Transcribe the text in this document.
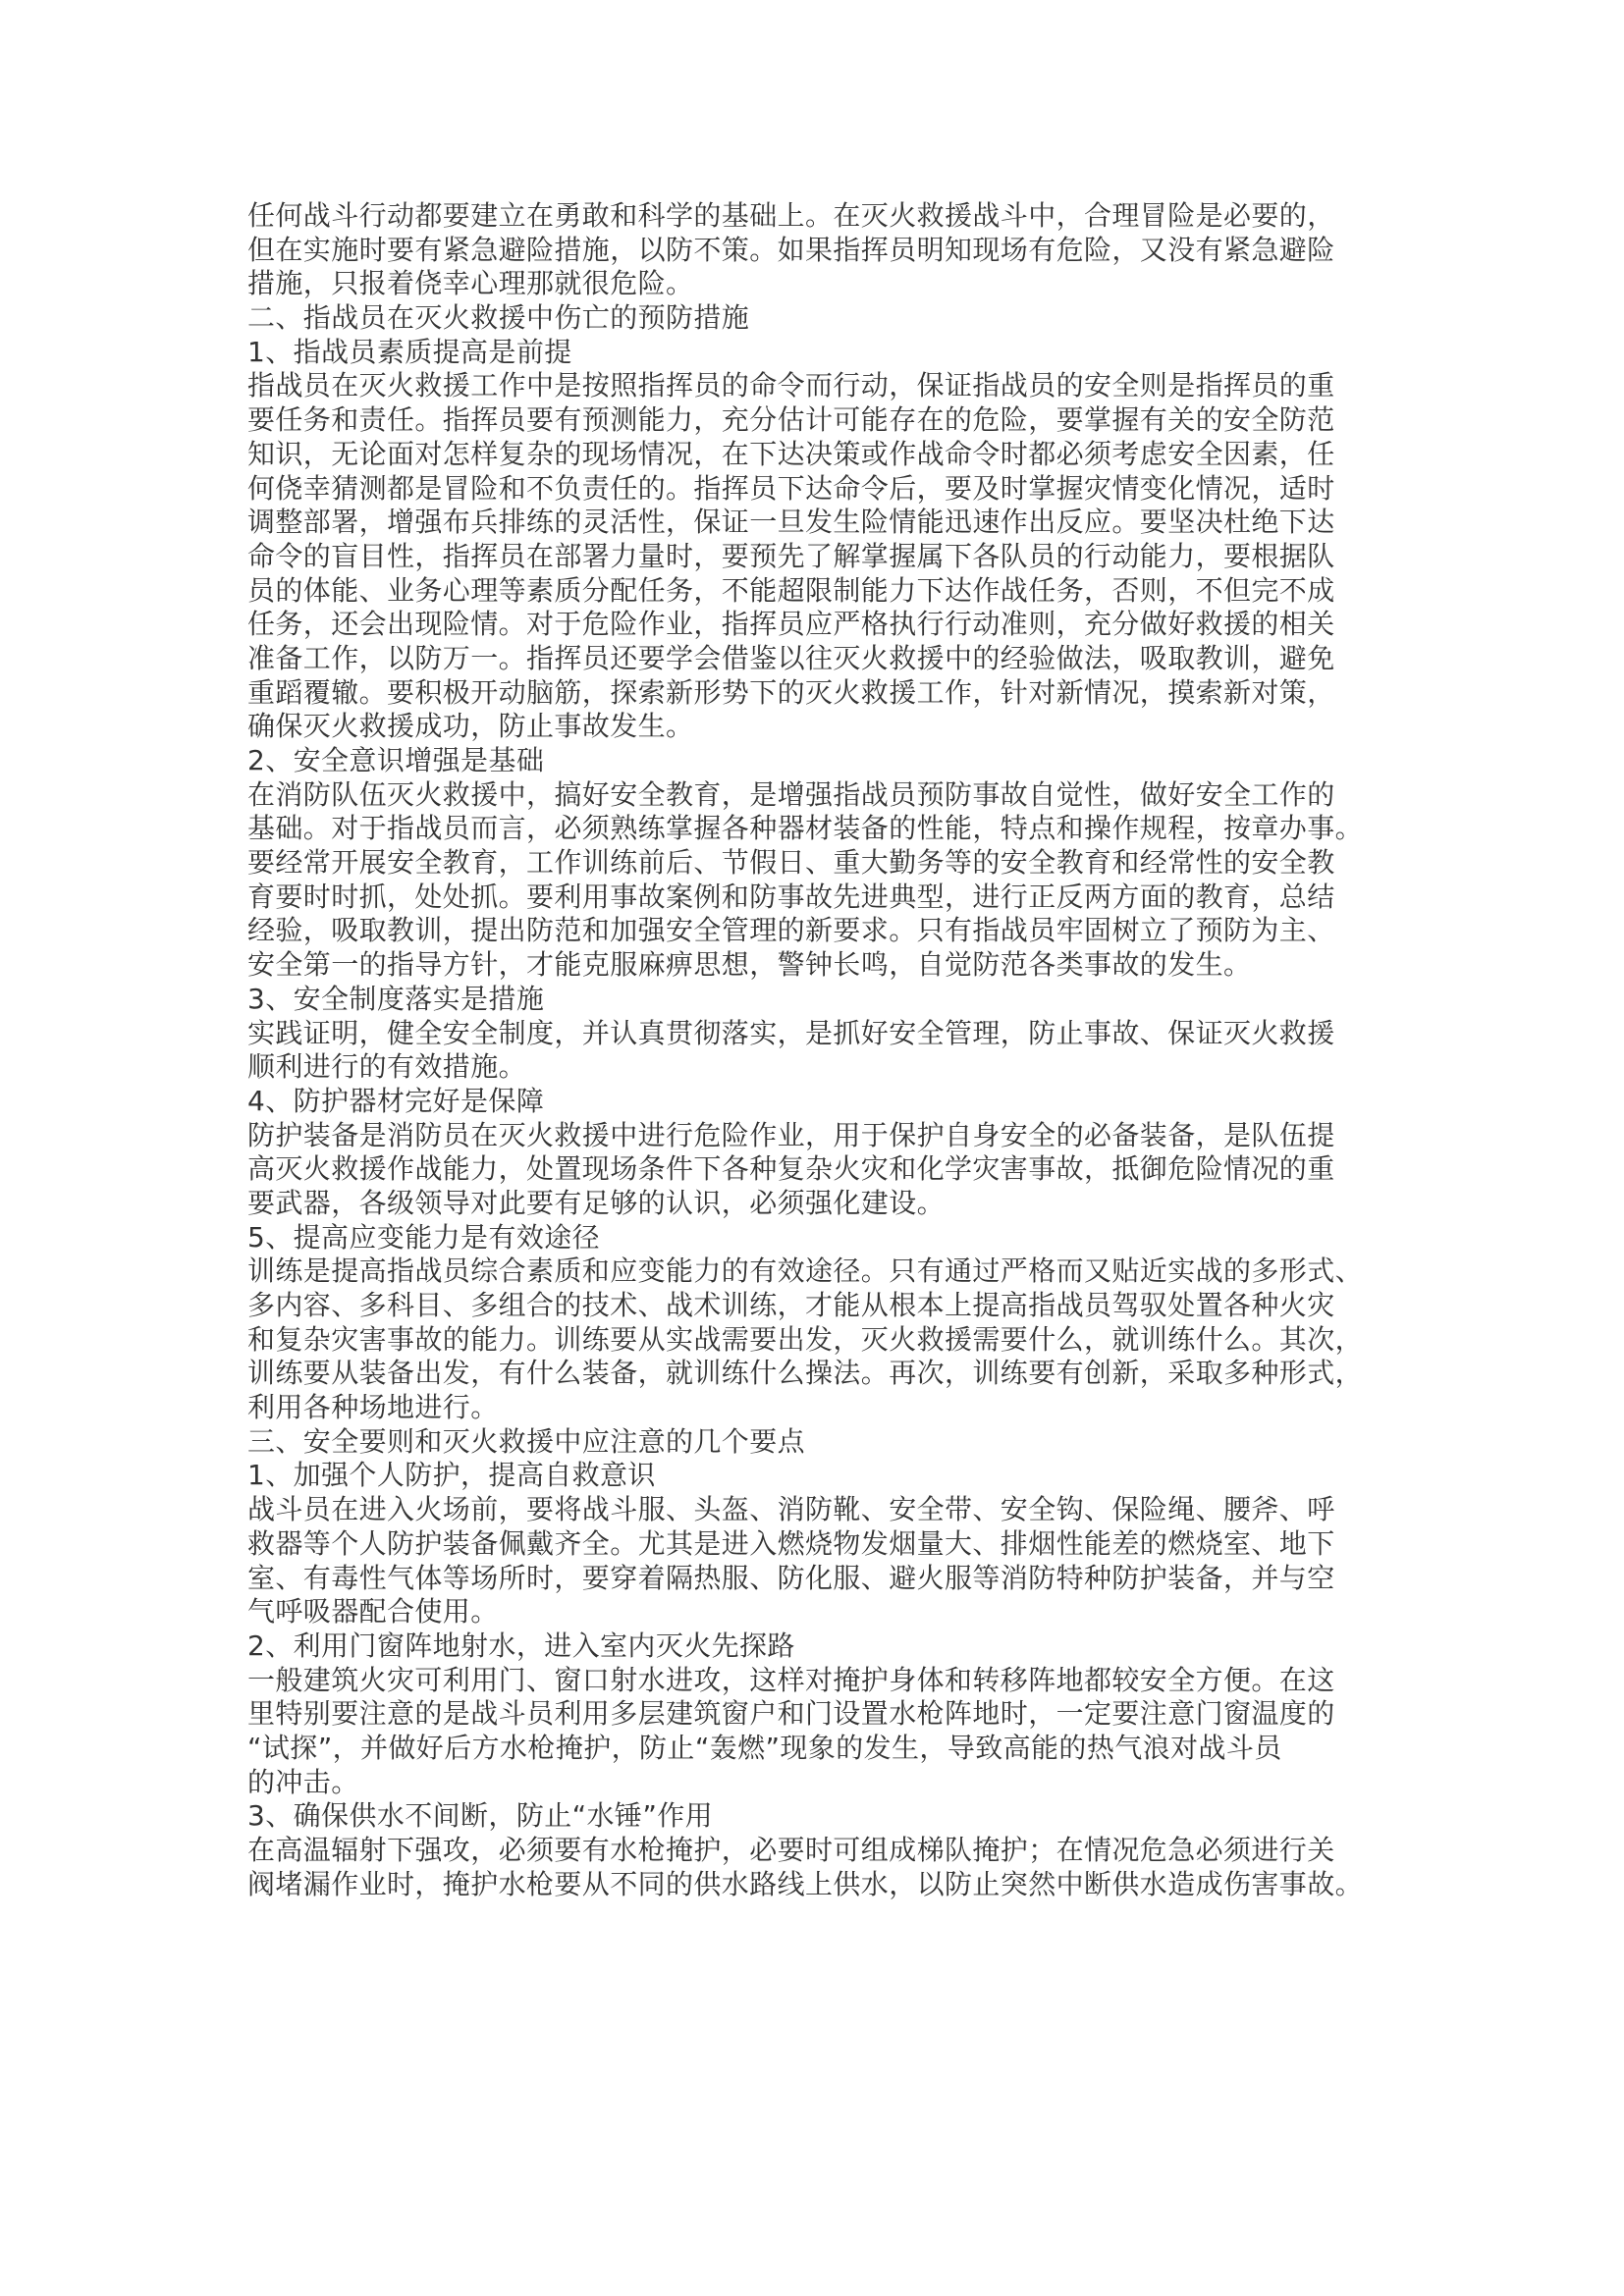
任何战斗行动都要建立在勇敢和科学的基础上。在灭火救援战斗中，合理冒险是必要的，
但在实施时要有紧急避险措施，以防不策。如果指挥员明知现场有危险，又没有紧急避险
措施，只报着侥幸心理那就很危险。
二、指战员在灭火救援中伤亡的预防措施
1、指战员素质提高是前提
指战员在灭火救援工作中是按照指挥员的命令而行动，保证指战员的安全则是指挥员的重
要任务和责任。指挥员要有预测能力，充分估计可能存在的危险，要掌握有关的安全防范
知识，无论面对怎样复杂的现场情况，在下达决策或作战命令时都必须考虑安全因素，任
何侥幸猜测都是冒险和不负责任的。指挥员下达命令后，要及时掌握灾情变化情况，适时
调整部署，增强布兵排练的灵活性，保证一旦发生险情能迅速作出反应。要坚决杜绝下达
命令的盲目性，指挥员在部署力量时，要预先了解掌握属下各队员的行动能力，要根据队
员的体能、业务心理等素质分配任务，不能超限制能力下达作战任务，否则，不但完不成
任务，还会出现险情。对于危险作业，指挥员应严格执行行动准则，充分做好救援的相关
准备工作，以防万一。指挥员还要学会借鉴以往灭火救援中的经验做法，吸取教训，避免
重蹈覆辙。要积极开动脑筋，探索新形势下的灭火救援工作，针对新情况，摸索新对策，
确保灭火救援成功，防止事故发生。
2、安全意识增强是基础
在消防队伍灭火救援中，搞好安全教育，是增强指战员预防事故自觉性，做好安全工作的
基础。对于指战员而言，必须熟练掌握各种器材装备的性能，特点和操作规程，按章办事。
要经常开展安全教育，工作训练前后、节假日、重大勤务等的安全教育和经常性的安全教
育要时时抓，处处抓。要利用事故案例和防事故先进典型，进行正反两方面的教育，总结
经验，吸取教训，提出防范和加强安全管理的新要求。只有指战员牢固树立了预防为主、
安全第一的指导方针，才能克服麻痹思想，警钟长鸣，自觉防范各类事故的发生。
3、安全制度落实是措施
实践证明，健全安全制度，并认真贯彻落实，是抓好安全管理，防止事故、保证灭火救援
顺利进行的有效措施。
4、防护器材完好是保障
防护装备是消防员在灭火救援中进行危险作业，用于保护自身安全的必备装备，是队伍提
高灭火救援作战能力，处置现场条件下各种复杂火灾和化学灾害事故，抵御危险情况的重
要武器，各级领导对此要有足够的认识，必须强化建设。
5、提高应变能力是有效途径
训练是提高指战员综合素质和应变能力的有效途径。只有通过严格而又贴近实战的多形式、
多内容、多科目、多组合的技术、战术训练，才能从根本上提高指战员驾驭处置各种火灾
和复杂灾害事故的能力。训练要从实战需要出发，灭火救援需要什么，就训练什么。其次，
训练要从装备出发，有什么装备，就训练什么操法。再次，训练要有创新，采取多种形式，
利用各种场地进行。
三、安全要则和灭火救援中应注意的几个要点
1、加强个人防护，提高自救意识
战斗员在进入火场前，要将战斗服、头盔、消防靴、安全带、安全钩、保险绳、腰斧、呼
救器等个人防护装备佩戴齐全。尤其是进入燃烧物发烟量大、排烟性能差的燃烧室、地下
室、有毒性气体等场所时，要穿着隔热服、防化服、避火服等消防特种防护装备，并与空
气呼吸器配合使用。
2、利用门窗阵地射水，进入室内灭火先探路
一般建筑火灾可利用门、窗口射水进攻，这样对掩护身体和转移阵地都较安全方便。在这
里特别要注意的是战斗员利用多层建筑窗户和门设置水枪阵地时，一定要注意门窗温度的
“试探”，并做好后方水枪掩护，防止“轰燃”现象的发生，导致高能的热气浪对战斗员
的冲击。
3、确保供水不间断，防止“水锤”作用
在高温辐射下强攻，必须要有水枪掩护，必要时可组成梯队掩护；在情况危急必须进行关
阀堵漏作业时，掩护水枪要从不同的供水路线上供水，以防止突然中断供水造成伤害事故。
